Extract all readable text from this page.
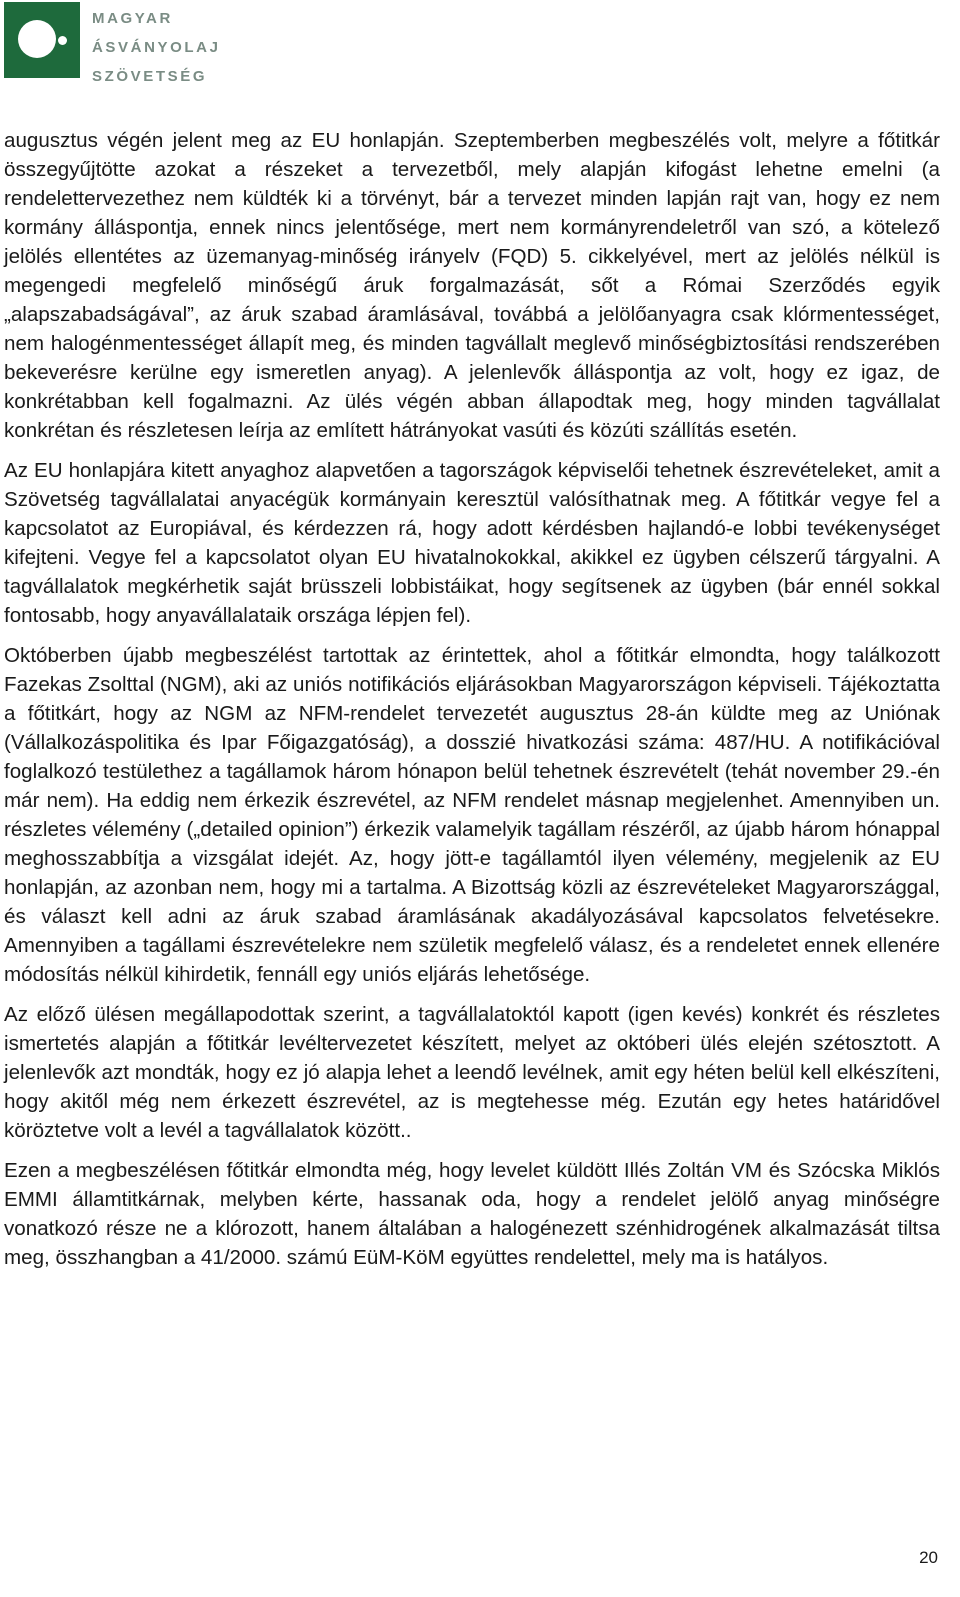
MAGYAR
ÁSVÁNYOLAJ
SZÖVETSÉG

augusztus végén jelent meg az EU honlapján. Szeptemberben megbeszélés volt, melyre a főtitkár összegyűjtötte azokat a részeket a tervezetből, mely alapján kifogást lehetne emelni (a rendelettervezethez nem küldték ki a törvényt, bár a tervezet minden lapján rajt van, hogy ez nem kormány álláspontja, ennek nincs jelentősége, mert nem kormányrendeletről van szó, a kötelező jelölés ellentétes az üzemanyag-minőség irányelv (FQD) 5. cikkelyével, mert az jelölés nélkül is megengedi megfelelő minőségű áruk forgalmazását, sőt a Római Szerződés egyik „alapszabadságával”, az áruk szabad áramlásával, továbbá a jelölőanyagra csak klórmentességet, nem halogénmentességet állapít meg, és minden tagvállalt meglevő minőségbiztosítási rendszerében bekeverésre kerülne egy ismeretlen anyag). A jelenlevők álláspontja az volt, hogy ez igaz, de konkrétabban kell fogalmazni. Az ülés végén abban állapodtak meg, hogy minden tagvállalat konkrétan és részletesen leírja az említett hátrányokat vasúti és közúti szállítás esetén.

Az EU honlapjára kitett anyaghoz alapvetően a tagországok képviselői tehetnek észrevételeket, amit a Szövetség tagvállalatai anyacégük kormányain keresztül valósíthatnak meg. A főtitkár vegye fel a kapcsolatot az Europiával, és kérdezzen rá, hogy adott kérdésben hajlandó-e lobbi tevékenységet kifejteni. Vegye fel a kapcsolatot olyan EU hivatalnokokkal, akikkel ez ügyben célszerű tárgyalni. A tagvállalatok megkérhetik saját brüsszeli lobbistáikat, hogy segítsenek az ügyben (bár ennél sokkal fontosabb, hogy anyavállalataik országa lépjen fel).

Októberben újabb megbeszélést tartottak az érintettek, ahol a főtitkár elmondta, hogy találkozott Fazekas Zsolttal (NGM), aki az uniós notifikációs eljárásokban Magyarországon képviseli. Tájékoztatta a főtitkárt, hogy az NGM az NFM-rendelet tervezetét augusztus 28-án küldte meg az Uniónak (Vállalkozáspolitika és Ipar Főigazgatóság), a dosszié hivatkozási száma: 487/HU. A notifikációval foglalkozó testülethez a tagállamok három hónapon belül tehetnek észrevételt (tehát november 29.-én már nem). Ha eddig nem érkezik észrevétel, az NFM rendelet másnap megjelenhet. Amennyiben un. részletes vélemény („detailed opinion”) érkezik valamelyik tagállam részéről, az újabb három hónappal meghosszabbítja a vizsgálat idejét. Az, hogy jött-e tagállamtól ilyen vélemény, megjelenik az EU honlapján, az azonban nem, hogy mi a tartalma. A Bizottság közli az észrevételeket Magyarországgal, és választ kell adni az áruk szabad áramlásának akadályozásával kapcsolatos felvetésekre. Amennyiben a tagállami észrevételekre nem születik megfelelő válasz, és a rendeletet ennek ellenére módosítás nélkül kihirdetik, fennáll egy uniós eljárás lehetősége.

Az előző ülésen megállapodottak szerint, a tagvállalatoktól kapott (igen kevés) konkrét és részletes ismertetés alapján a főtitkár levéltervezetet készített, melyet az októberi ülés elején szétosztott. A jelenlevők azt mondták, hogy ez jó alapja lehet a leendő levélnek, amit egy héten belül kell elkészíteni, hogy akitől még nem érkezett észrevétel, az is megtehesse még. Ezután egy hetes határidővel köröztetve volt a levél a tagvállalatok között..

Ezen a megbeszélésen főtitkár elmondta még, hogy levelet küldött Illés Zoltán VM és Szócska Miklós EMMI államtitkárnak, melyben kérte, hassanak oda, hogy a rendelet jelölő anyag minőségre vonatkozó része ne a klórozott, hanem általában a halogénezett szénhidrogének alkalmazását tiltsa meg, összhangban a 41/2000. számú EüM-KöM együttes rendelettel, mely ma is hatályos.

20
